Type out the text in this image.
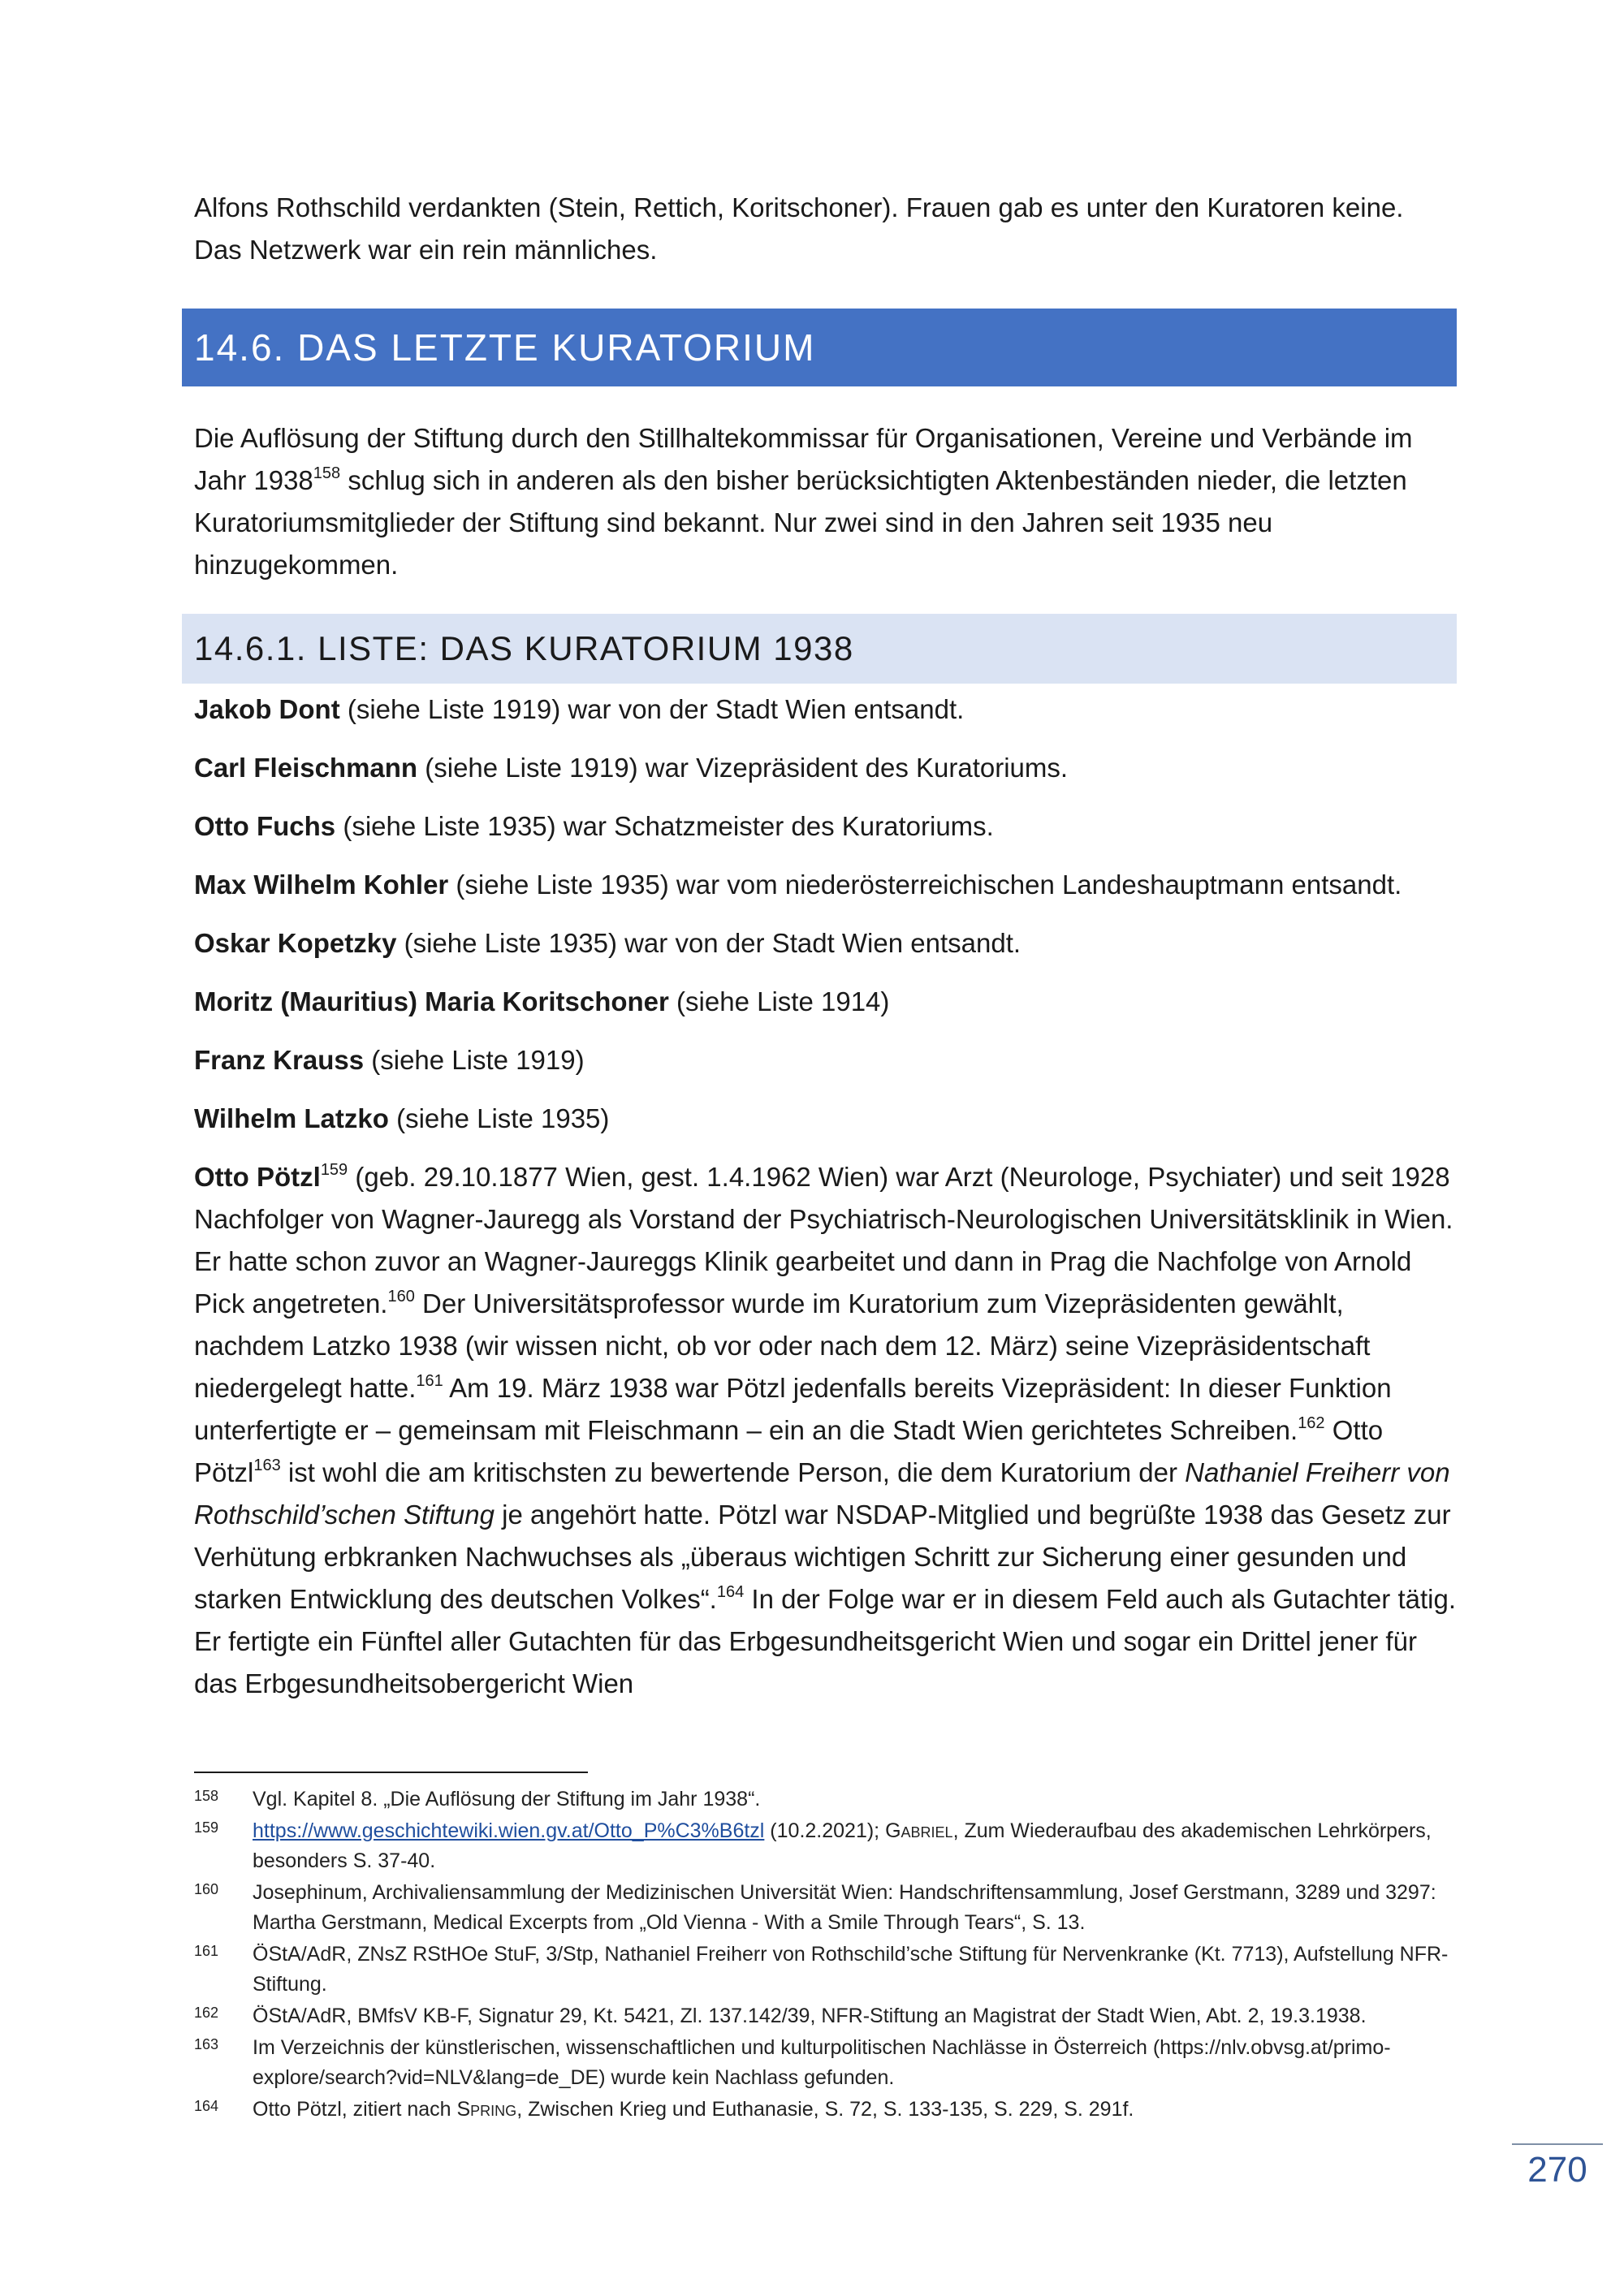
Alfons Rothschild verdankten (Stein, Rettich, Koritschoner). Frauen gab es unter den Kuratoren keine. Das Netzwerk war ein rein männliches.

14.6. DAS LETZTE KURATORIUM

Die Auflösung der Stiftung durch den Stillhaltekommissar für Organisationen, Vereine und Verbände im Jahr 1938$^{158}$ schlug sich in anderen als den bisher berücksichtigten Aktenbeständen nieder, die letzten Kuratoriumsmitglieder der Stiftung sind bekannt. Nur zwei sind in den Jahren seit 1935 neu hinzugekommen.

14.6.1. LISTE: DAS KURATORIUM 1938

Jakob Dont (siehe Liste 1919) war von der Stadt Wien entsandt.

Carl Fleischmann (siehe Liste 1919) war Vizepräsident des Kuratoriums.

Otto Fuchs (siehe Liste 1935) war Schatzmeister des Kuratoriums.

Max Wilhelm Kohler (siehe Liste 1935) war vom niederösterreichischen Landeshauptmann entsandt.

Oskar Kopetzky (siehe Liste 1935) war von der Stadt Wien entsandt.

Moritz (Mauritius) Maria Koritschoner (siehe Liste 1914)

Franz Krauss (siehe Liste 1919)

Wilhelm Latzko (siehe Liste 1935)

Otto Pötzl$^{159}$ (geb. 29.10.1877 Wien, gest. 1.4.1962 Wien) war Arzt (Neurologe, Psychiater) und seit 1928 Nachfolger von Wagner-Jauregg als Vorstand der Psychiatrisch-Neurologischen Universitätsklinik in Wien. Er hatte schon zuvor an Wagner-Jaureggs Klinik gearbeitet und dann in Prag die Nachfolge von Arnold Pick angetreten.$^{160}$ Der Universitätsprofessor wurde im Kuratorium zum Vizepräsidenten gewählt, nachdem Latzko 1938 (wir wissen nicht, ob vor oder nach dem 12. März) seine Vizepräsidentschaft niedergelegt hatte.$^{161}$ Am 19. März 1938 war Pötzl jedenfalls bereits Vizepräsident: In dieser Funktion unterfertigte er – gemeinsam mit Fleischmann – ein an die Stadt Wien gerichtetes Schreiben.$^{162}$ Otto Pötzl$^{163}$ ist wohl die am kritischsten zu bewertende Person, die dem Kuratorium der Nathaniel Freiherr von Rothschild’schen Stiftung je angehört hatte. Pötzl war NSDAP-Mitglied und begrüßte 1938 das Gesetz zur Verhütung erbkranken Nachwuchses als „überaus wichtigen Schritt zur Sicherung einer gesunden und starken Entwicklung des deutschen Volkes“.$^{164}$ In der Folge war er in diesem Feld auch als Gutachter tätig. Er fertigte ein Fünftel aller Gutachten für das Erbgesundheitsgericht Wien und sogar ein Drittel jener für das Erbgesundheitsobergericht Wien

158	Vgl. Kapitel 8. „Die Auflösung der Stiftung im Jahr 1938“.
159	https://www.geschichtewiki.wien.gv.at/Otto_P%C3%B6tzl (10.2.2021); Gabriel, Zum Wiederaufbau des akademischen Lehrkörpers, besonders S. 37-40.
160	Josephinum, Archivaliensammlung der Medizinischen Universität Wien: Handschriftensammlung, Josef Gerstmann, 3289 und 3297: Martha Gerstmann, Medical Excerpts from „Old Vienna - With a Smile Through Tears“, S. 13.
161	ÖStA/AdR, ZNsZ RStHOe StuF, 3/Stp, Nathaniel Freiherr von Rothschild’sche Stiftung für Nervenkranke (Kt. 7713), Aufstellung NFR-Stiftung.
162	ÖStA/AdR, BMfsV KB-F, Signatur 29, Kt. 5421, Zl. 137.142/39, NFR-Stiftung an Magistrat der Stadt Wien, Abt. 2, 19.3.1938.
163	Im Verzeichnis der künstlerischen, wissenschaftlichen und kulturpolitischen Nachlässe in Österreich (https://nlv.obvsg.at/primo-explore/search?vid=NLV&lang=de_DE) wurde kein Nachlass gefunden.
164	Otto Pötzl, zitiert nach Spring, Zwischen Krieg und Euthanasie, S. 72, S. 133-135, S. 229, S. 291f.
270
